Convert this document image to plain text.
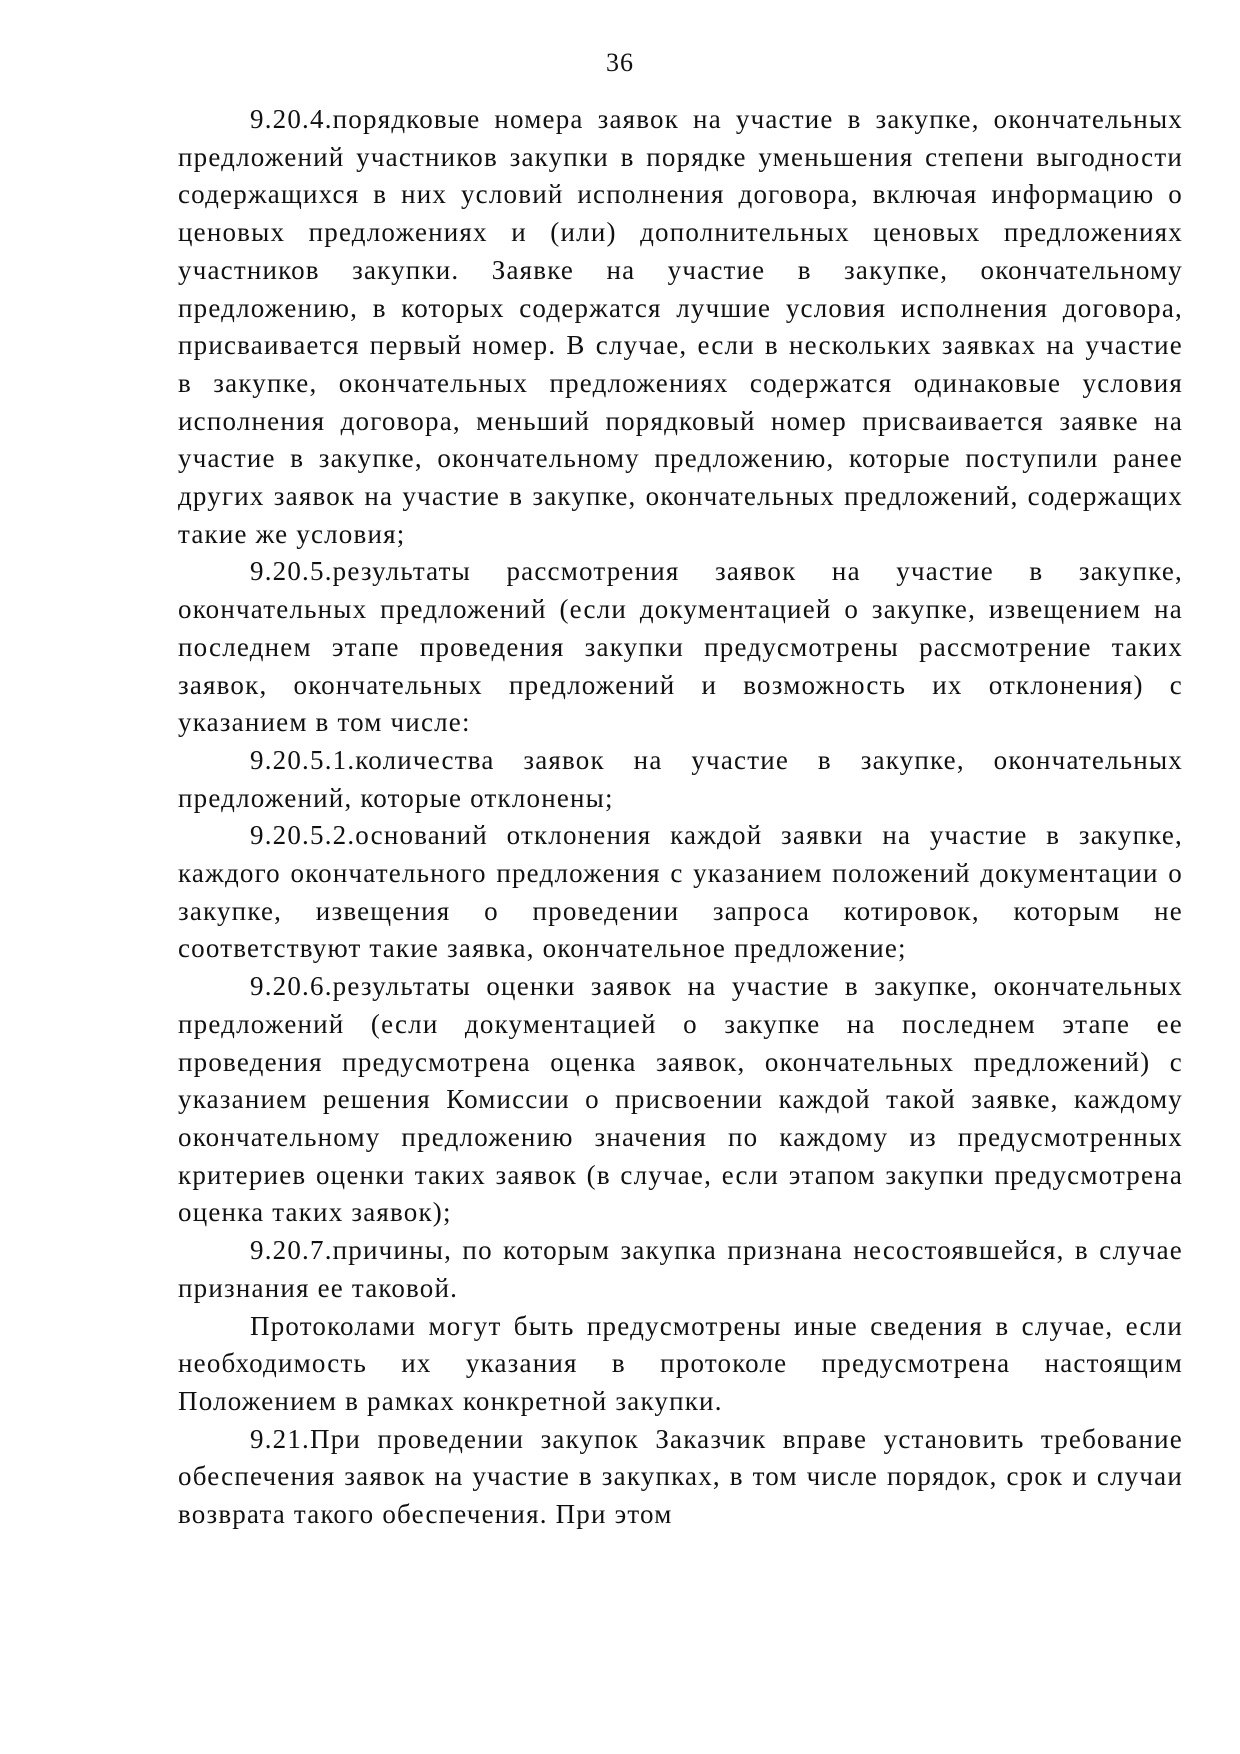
36

9.20.4.порядковые номера заявок на участие в закупке, окончательных предложений участников закупки в порядке уменьшения степени выгодности содержащихся в них условий исполнения договора, включая информацию о ценовых предложениях и (или) дополнительных ценовых предложениях участников закупки. Заявке на участие в закупке, окончательному предложению, в которых содержатся лучшие условия исполнения договора, присваивается первый номер. В случае, если в нескольких заявках на участие в закупке, окончательных предложениях содержатся одинаковые условия исполнения договора, меньший порядковый номер присваивается заявке на участие в закупке, окончательному предложению, которые поступили ранее других заявок на участие в закупке, окончательных предложений, содержащих такие же условия;

9.20.5.результаты рассмотрения заявок на участие в закупке, окончательных предложений (если документацией о закупке, извещением на последнем этапе проведения закупки предусмотрены рассмотрение таких заявок, окончательных предложений и возможность их отклонения) с указанием в том числе:

9.20.5.1.количества заявок на участие в закупке, окончательных предложений, которые отклонены;

9.20.5.2.оснований отклонения каждой заявки на участие в закупке, каждого окончательного предложения с указанием положений документации о закупке, извещения о проведении запроса котировок, которым не соответствуют такие заявка, окончательное предложение;

9.20.6.результаты оценки заявок на участие в закупке, окончательных предложений (если документацией о закупке на последнем этапе ее проведения предусмотрена оценка заявок, окончательных предложений) с указанием решения Комиссии о присвоении каждой такой заявке, каждому окончательному предложению значения по каждому из предусмотренных критериев оценки таких заявок (в случае, если этапом закупки предусмотрена оценка таких заявок);

9.20.7.причины, по которым закупка признана несостоявшейся, в случае признания ее таковой.

Протоколами могут быть предусмотрены иные сведения в случае, если необходимость их указания в протоколе предусмотрена настоящим Положением в рамках конкретной закупки.

9.21.При проведении закупок Заказчик вправе установить требование обеспечения заявок на участие в закупках, в том числе порядок, срок и случаи возврата такого обеспечения. При этом
